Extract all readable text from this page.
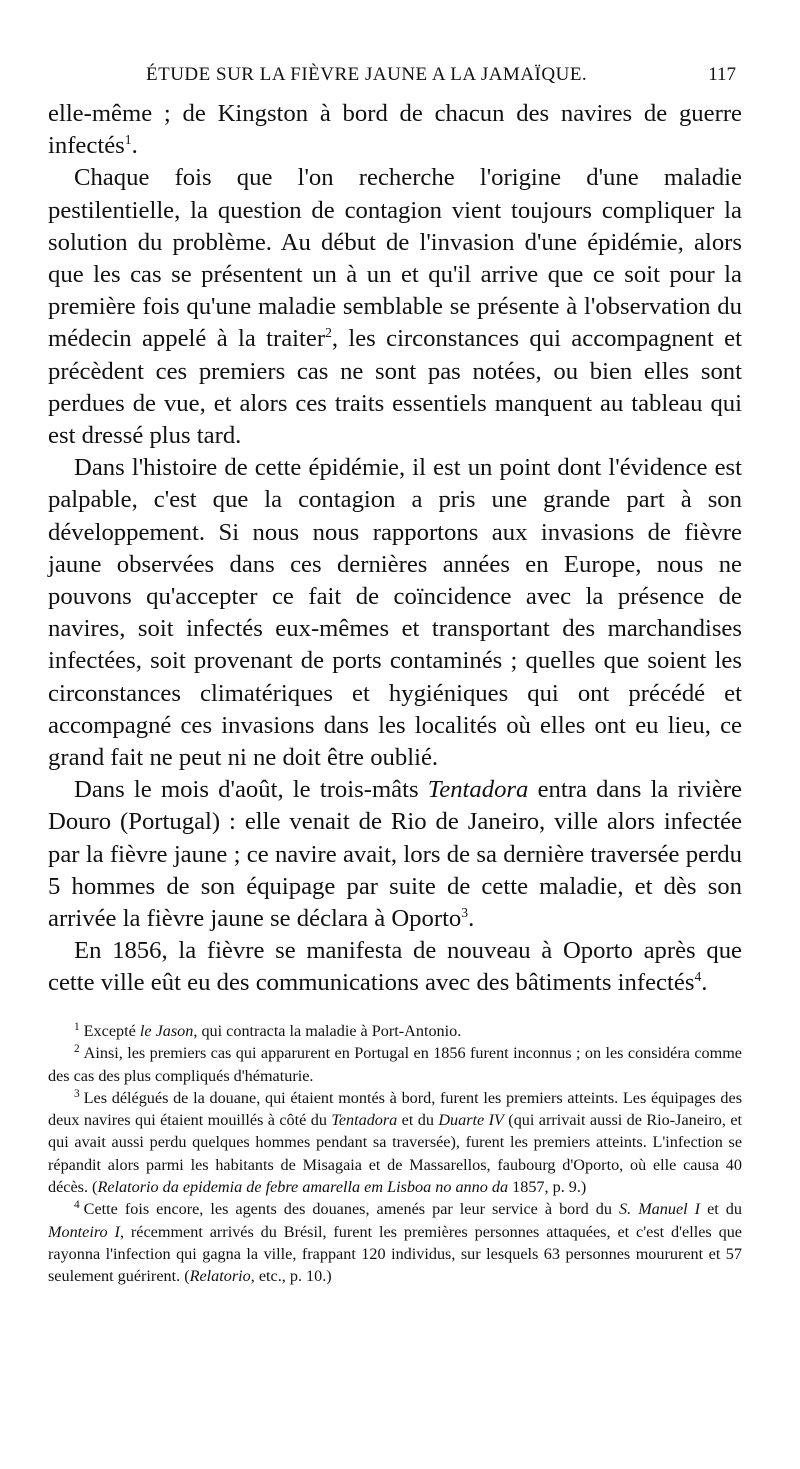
ÉTUDE SUR LA FIÈVRE JAUNE A LA JAMAÏQUE.	117

elle-même ; de Kingston à bord de chacun des navires de guerre infectés$^1$.

Chaque fois que l'on recherche l'origine d'une maladie pestilentielle, la question de contagion vient toujours compliquer la solution du problème. Au début de l'invasion d'une épidémie, alors que les cas se présentent un à un et qu'il arrive que ce soit pour la première fois qu'une maladie semblable se présente à l'observation du médecin appelé à la traiter$^2$, les circonstances qui accompagnent et précèdent ces premiers cas ne sont pas notées, ou bien elles sont perdues de vue, et alors ces traits essentiels manquent au tableau qui est dressé plus tard.

Dans l'histoire de cette épidémie, il est un point dont l'évidence est palpable, c'est que la contagion a pris une grande part à son développement. Si nous nous rapportons aux invasions de fièvre jaune observées dans ces dernières années en Europe, nous ne pouvons qu'accepter ce fait de coïncidence avec la présence de navires, soit infectés eux-mêmes et transportant des marchandises infectées, soit provenant de ports contaminés ; quelles que soient les circonstances climatériques et hygiéniques qui ont précédé et accompagné ces invasions dans les localités où elles ont eu lieu, ce grand fait ne peut ni ne doit être oublié.

Dans le mois d'août, le trois-mâts Tentadora entra dans la rivière Douro (Portugal) : elle venait de Rio de Janeiro, ville alors infectée par la fièvre jaune ; ce navire avait, lors de sa dernière traversée perdu 5 hommes de son équipage par suite de cette maladie, et dès son arrivée la fièvre jaune se déclara à Oporto$^3$.

En 1856, la fièvre se manifesta de nouveau à Oporto après que cette ville eût eu des communications avec des bâtiments infectés$^4$.

$^1$ Excepté le Jason, qui contracta la maladie à Port-Antonio.

$^2$ Ainsi, les premiers cas qui apparurent en Portugal en 1856 furent inconnus ; on les considéra comme des cas des plus compliqués d'hématurie.

$^3$ Les délégués de la douane, qui étaient montés à bord, furent les premiers atteints. Les équipages des deux navires qui étaient mouillés à côté du Tentadora et du Duarte IV (qui arrivait aussi de Rio-Janeiro, et qui avait aussi perdu quelques hommes pendant sa traversée), furent les premiers atteints. L'infection se répandit alors parmi les habitants de Misagaia et de Massarellos, faubourg d'Oporto, où elle causa 40 décès. (Relatorio da epidemia de febre amarella em Lisboa no anno da 1857, p. 9.)

$^4$ Cette fois encore, les agents des douanes, amenés par leur service à bord du S. Manuel I et du Monteiro I, récemment arrivés du Brésil, furent les premières personnes attaquées, et c'est d'elles que rayonna l'infection qui gagna la ville, frappant 120 individus, sur lesquels 63 personnes moururent et 57 seulement guérirent. (Relatorio, etc., p. 10.)
